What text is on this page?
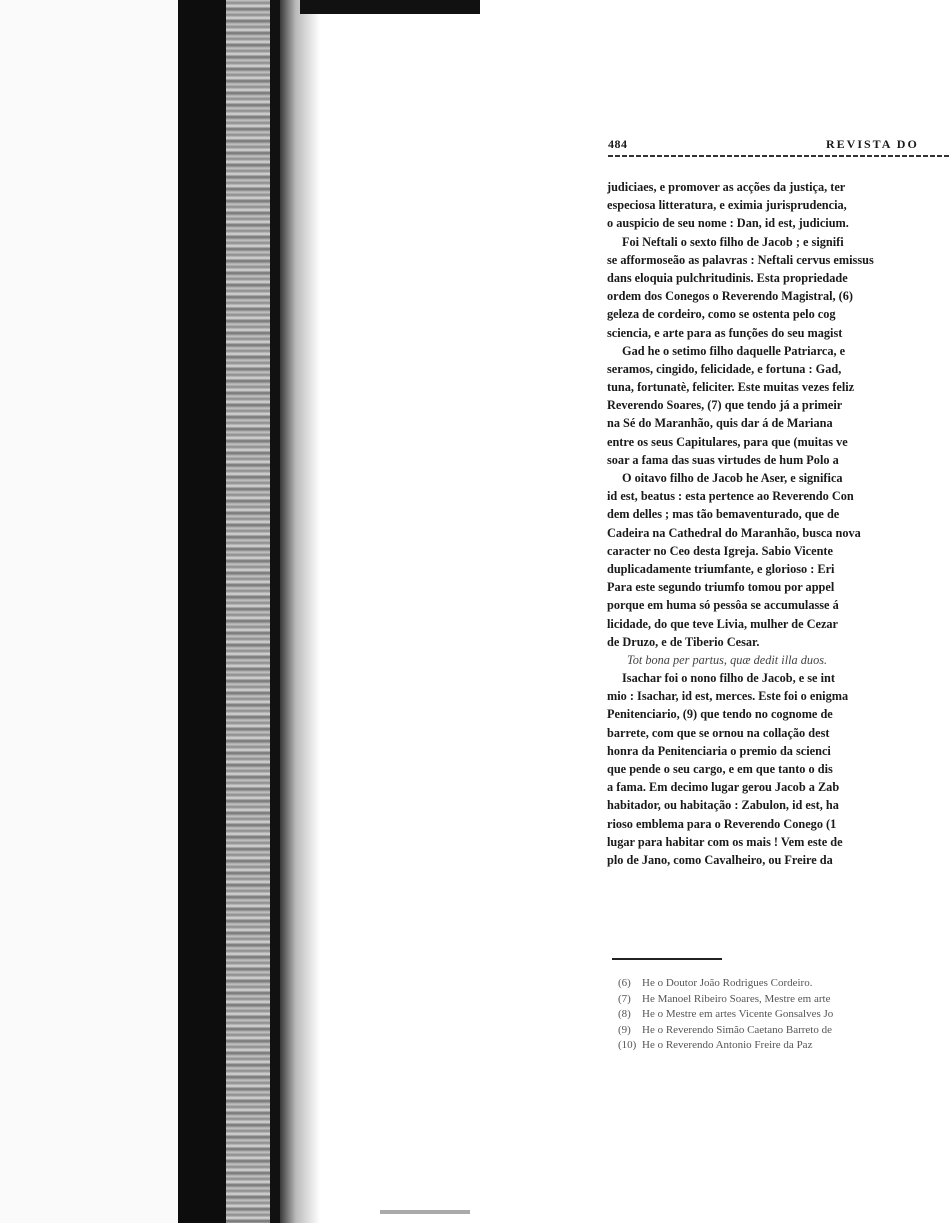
484	REVISTA DO
judiciaes, e promover as acções da justiça, ter
especiosa litteratura, e eximia jurisprudencia,
o auspicio de seu nome : Dan, id est, judicium.
Foi Neftali o sexto filho de Jacob ; e signifi
se afformoseão as palavras : Neftali cervus emissus
dans eloquia pulchritudinis. Esta propriedade
ordem dos Conegos o Reverendo Magistral, (6)
geleza de cordeiro, como se ostenta pelo cog
sciencia, e arte para as funções do seu magist
Gad he o setimo filho daquelle Patriarca, e
seramos, cingido, felicidade, e fortuna : Gad,
tuna, fortunatè, feliciter. Este muitas vezes feliz
Reverendo Soares, (7) que tendo já a primeir
na Sé do Maranhão, quis dar á de Mariana
entre os seus Capitulares, para que (muitas ve
soar a fama das suas virtudes de hum Polo a
O oitavo filho de Jacob he Aser, e significa
id est, beatus : esta pertence ao Reverendo Con
dem delles ; mas tão bemaventurado, que de
Cadeira na Cathedral do Maranhão, busca nova
caracter no Ceo desta Igreja. Sabio Vicente
duplicadamente triumfante, e glorioso : Eri
Para este segundo triumfo tomou por appel
porque em huma só pessôa se accumulasse á
licidade, do que teve Livia, mulher de Cezar
de Druzo, e de Tiberio Cesar.
Tot bona per partus, quæ dedit illa duos.
Isachar foi o nono filho de Jacob, e se int
mio : Isachar, id est, merces. Este foi o enigma
Penitenciario, (9) que tendo no cognome de
barrete, com que se ornou na collação dest
honra da Penitenciaria o premio da scienci
que pende o seu cargo, e em que tanto o dis
a fama. Em decimo lugar gerou Jacob a Zab
habitador, ou habitação : Zabulon, id est, ha
rioso emblema para o Reverendo Conego (1
lugar para habitar com os mais ! Vem este de
plo de Jano, como Cavalheiro, ou Freire da
(6) He o Doutor João Rodrigues Cordeiro.
(7) He Manoel Ribeiro Soares, Mestre em arte
(8) He o Mestre em artes Vicente Gonsalves Jo
(9) He o Reverendo Simão Caetano Barreto de
(10) He o Reverendo Antonio Freire da Paz
